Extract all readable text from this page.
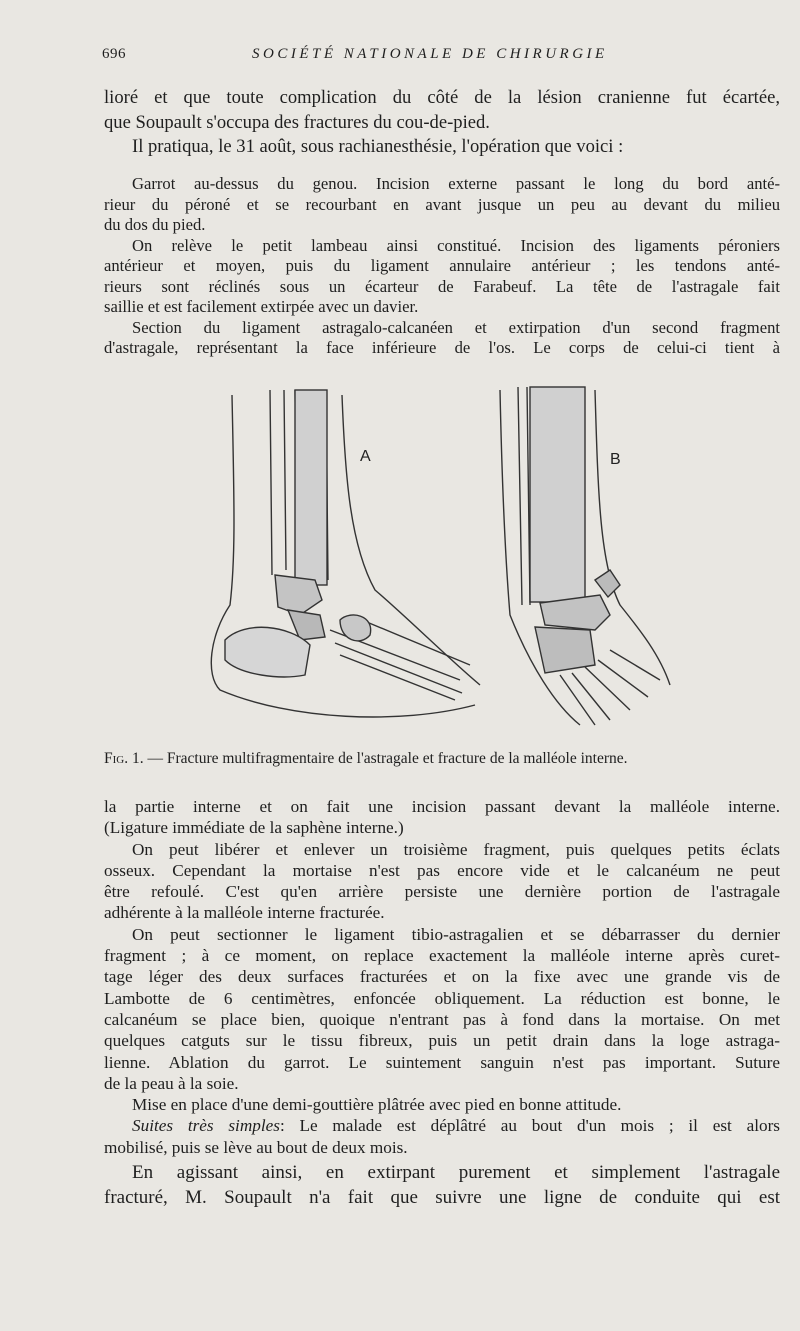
696	SOCIÉTÉ NATIONALE DE CHIRURGIE
lioré et que toute complication du côté de la lésion cranienne fut écartée,
que Soupault s'occupa des fractures du cou-de-pied.
Il pratiqua, le 31 août, sous rachianesthésie, l'opération que voici :
Garrot au-dessus du genou. Incision externe passant le long du bord anté-
rieur du péroné et se recourbant en avant jusque un peu au devant du milieu
du dos du pied.
On relève le petit lambeau ainsi constitué. Incision des ligaments péroniers
antérieur et moyen, puis du ligament annulaire antérieur ; les tendons anté-
rieurs sont réclinés sous un écarteur de Farabeuf. La tête de l'astragale fait
saillie et est facilement extirpée avec un davier.
Section du ligament astragalo-calcanéen et extirpation d'un second fragment
d'astragale, représentant la face inférieure de l'os. Le corps de celui-ci tient à
A	B
Fig. 1. — Fracture multifragmentaire de l'astragale et fracture de la malléole interne.
la partie interne et on fait une incision passant devant la malléole interne.
(Ligature immédiate de la saphène interne.)
On peut libérer et enlever un troisième fragment, puis quelques petits éclats
osseux. Cependant la mortaise n'est pas encore vide et le calcanéum ne peut
être refoulé. C'est qu'en arrière persiste une dernière portion de l'astragale
adhérente à la malléole interne fracturée.
On peut sectionner le ligament tibio-astragalien et se débarrasser du dernier
fragment ; à ce moment, on replace exactement la malléole interne après curet-
tage léger des deux surfaces fracturées et on la fixe avec une grande vis de
Lambotte de 6 centimètres, enfoncée obliquement. La réduction est bonne, le
calcanéum se place bien, quoique n'entrant pas à fond dans la mortaise. On met
quelques catguts sur le tissu fibreux, puis un petit drain dans la loge astraga-
lienne. Ablation du garrot. Le suintement sanguin n'est pas important. Suture
de la peau à la soie.
Mise en place d'une demi-gouttière plâtrée avec pied en bonne attitude.
Suites très simples: Le malade est déplâtré au bout d'un mois ; il est alors
mobilisé, puis se lève au bout de deux mois.
En agissant ainsi, en extirpant purement et simplement l'astragale
fracturé, M. Soupault n'a fait que suivre une ligne de conduite qui est
